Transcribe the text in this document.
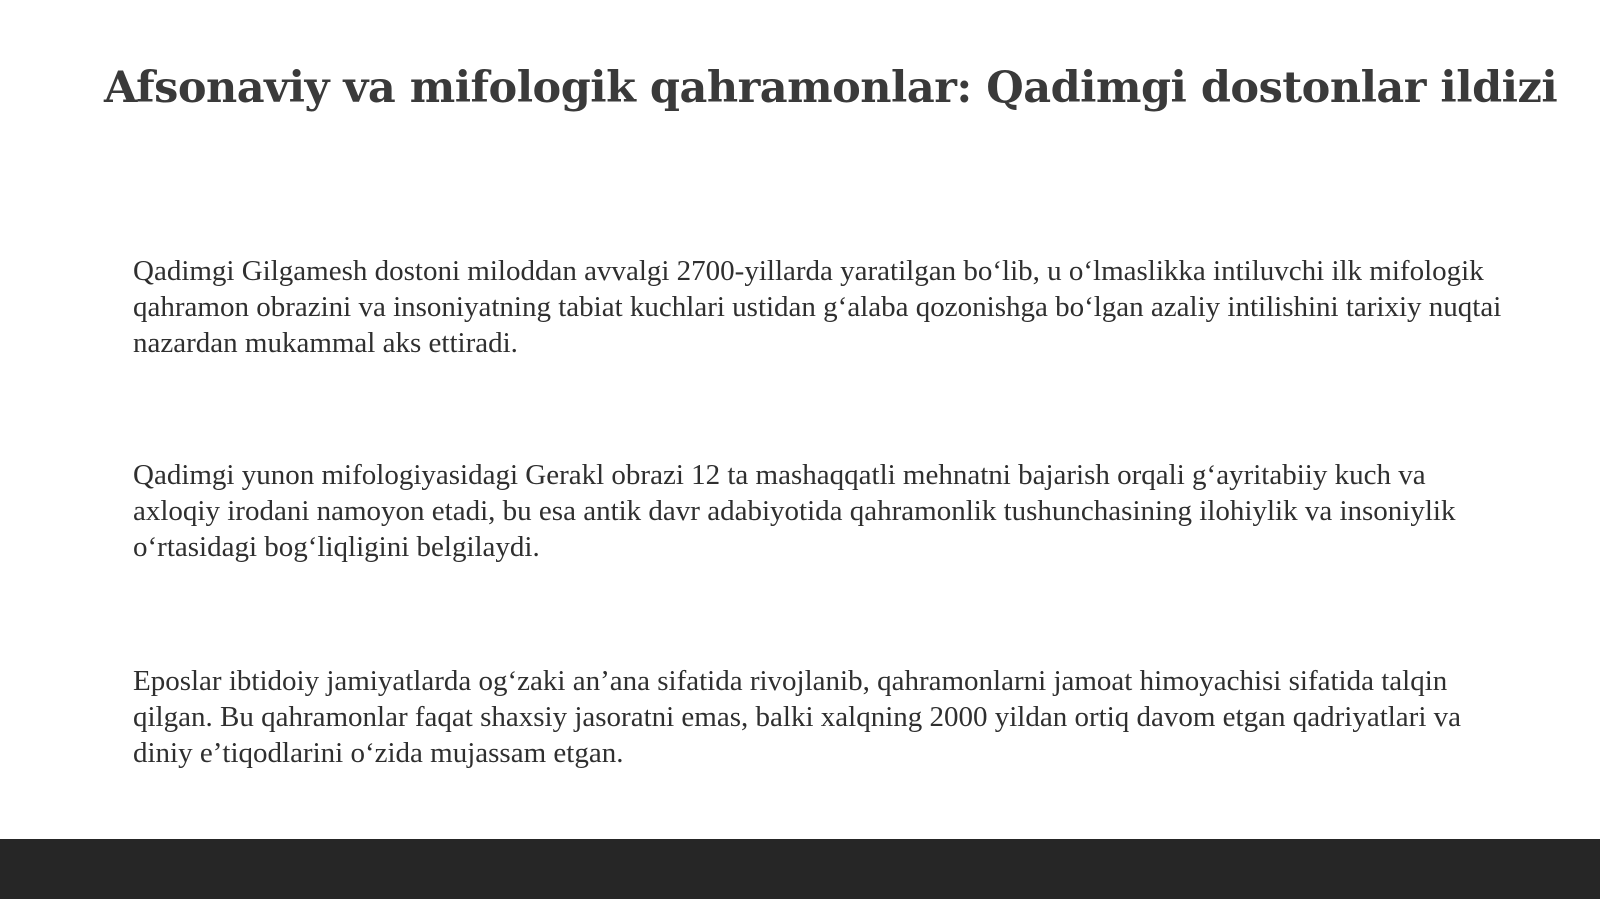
Afsonaviy va mifologik qahramonlar: Qadimgi dostonlar ildizi

Qadimgi Gilgamesh dostoni miloddan avvalgi 2700-yillarda yaratilgan boʻlib, u oʻlmaslikka intiluvchi ilk mifologik qahramon obrazini va insoniyatning tabiat kuchlari ustidan gʻalaba qozonishga boʻlgan azaliy intilishini tarixiy nuqtai nazardan mukammal aks ettiradi.

Qadimgi yunon mifologiyasidagi Gerakl obrazi 12 ta mashaqqatli mehnatni bajarish orqali gʻayritabiiy kuch va axloqiy irodani namoyon etadi, bu esa antik davr adabiyotida qahramonlik tushunchasining ilohiylik va insoniylik oʻrtasidagi bogʻliqligini belgilaydi.

Eposlar ibtidoiy jamiyatlarda ogʻzaki anʼana sifatida rivojlanib, qahramonlarni jamoat himoyachisi sifatida talqin qilgan. Bu qahramonlar faqat shaxsiy jasoratni emas, balki xalqning 2000 yildan ortiq davom etgan qadriyatlari va diniy eʼtiqodlarini oʻzida mujassam etgan.
